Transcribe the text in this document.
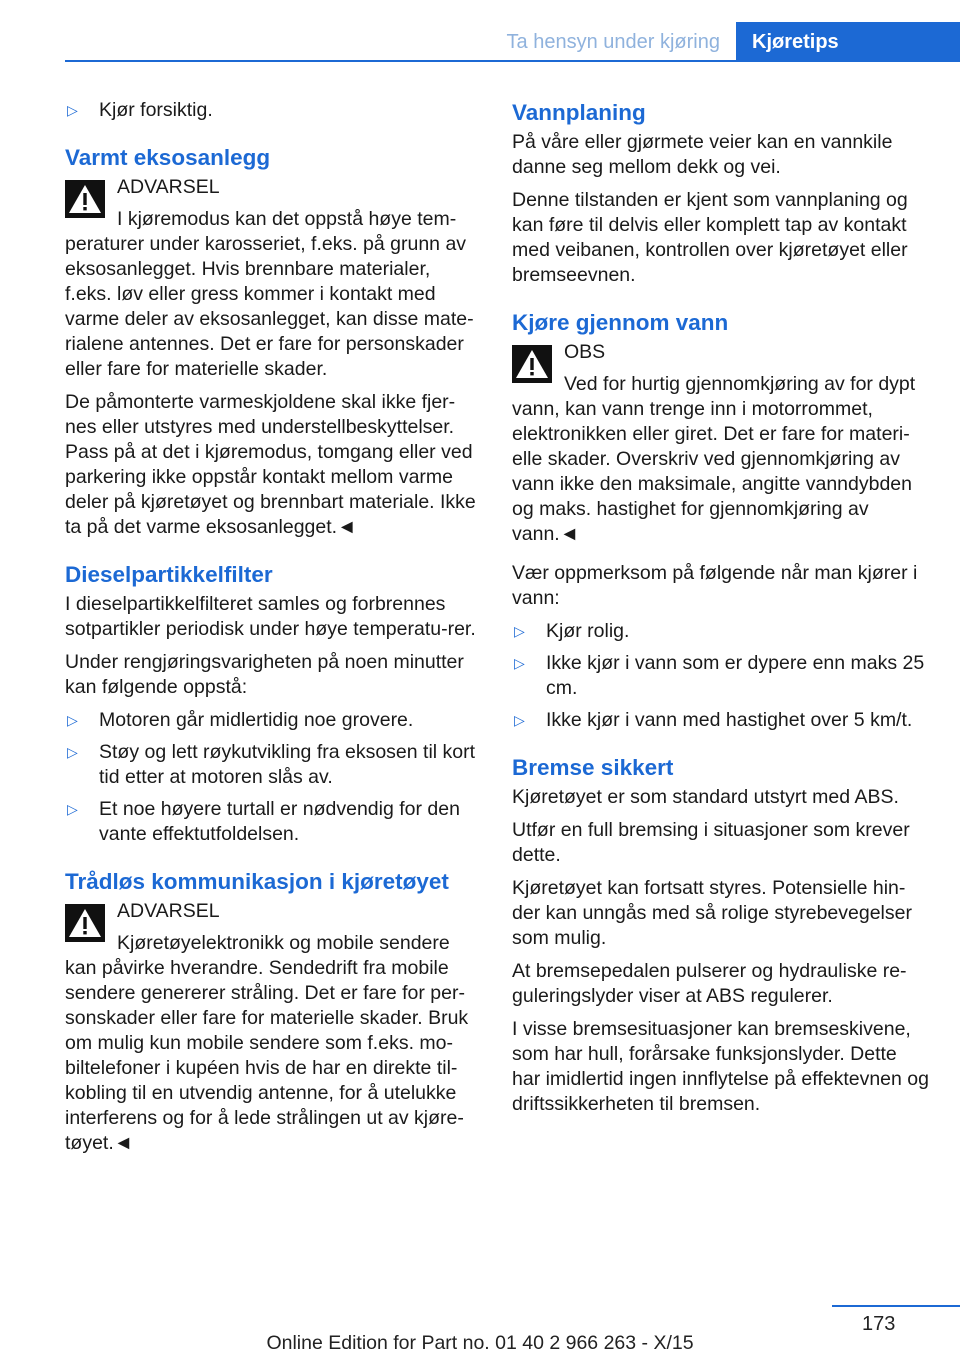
Ta hensyn under kjøring	Kjøretips
▷ Kjør forsiktig.
Varmt eksosanlegg
ADVARSEL

I kjøremodus kan det oppstå høye tem-peraturer under karosseriet, f.eks. på grunn av eksosanlegget. Hvis brennbare materialer, f.eks. løv eller gress kommer i kontakt med varme deler av eksosanlegget, kan disse mate-rialene antennes. Det er fare for personskader eller fare for materielle skader.

De påmonterte varmeskjoldene skal ikke fjer-nes eller utstyres med understellbeskyttelser. Pass på at det i kjøremodus, tomgang eller ved parkering ikke oppstår kontakt mellom varme deler på kjøretøyet og brennbart materiale. Ikke ta på det varme eksosanlegget.◄

Dieselpartikkelfilter

I dieselpartikkelfilteret samles og forbrennes sotpartikler periodisk under høye temperatu-rer.

Under rengjøringsvarigheten på noen minutter kan følgende oppstå:

▷ Motoren går midlertidig noe grovere.
▷ Støy og lett røykutvikling fra eksosen til kort tid etter at motoren slås av.
▷ Et noe høyere turtall er nødvendig for den vante effektutfoldelsen.
Trådløs kommunikasjon i kjøretøyet
ADVARSEL

Kjøretøyelektronikk og mobile sendere kan påvirke hverandre. Sendedrift fra mobile sendere genererer stråling. Det er fare for per-sonskader eller fare for materielle skader. Bruk om mulig kun mobile sendere som f.eks. mo-biltelefoner i kupéen hvis de har en direkte til-kobling til en utvendig antenne, for å utelukke interferens og for å lede strålingen ut av kjøre-tøyet.◄

Vannplaning

På våre eller gjørmete veier kan en vannkile danne seg mellom dekk og vei.

Denne tilstanden er kjent som vannplaning og kan føre til delvis eller komplett tap av kontakt med veibanen, kontrollen over kjøretøyet eller bremseevnen.

Kjøre gjennom vann
OBS

Ved for hurtig gjennomkjøring av for dypt vann, kan vann trenge inn i motorrommet, elektronikken eller giret. Det er fare for materi-elle skader. Overskriv ved gjennomkjøring av vann ikke den maksimale, angitte vanndybden og maks. hastighet for gjennomkjøring av vann.◄

Vær oppmerksom på følgende når man kjører i vann:

▷ Kjør rolig.
▷ Ikke kjør i vann som er dypere enn maks 25 cm.
▷ Ikke kjør i vann med hastighet over 5 km/t.
Bremse sikkert

Kjøretøyet er som standard utstyrt med ABS.

Utfør en full bremsing i situasjoner som krever dette.

Kjøretøyet kan fortsatt styres. Potensielle hin-der kan unngås med så rolige styrebevegelser som mulig.

At bremsepedalen pulserer og hydrauliske re-guleringslyder viser at ABS regulerer.

I visse bremsesituasjoner kan bremseskivene, som har hull, forårsake funksjonslyder. Dette har imidlertid ingen innflytelse på effektevnen og driftssikkerheten til bremsen.

173
Online Edition for Part no. 01 40 2 966 263 - X/15
